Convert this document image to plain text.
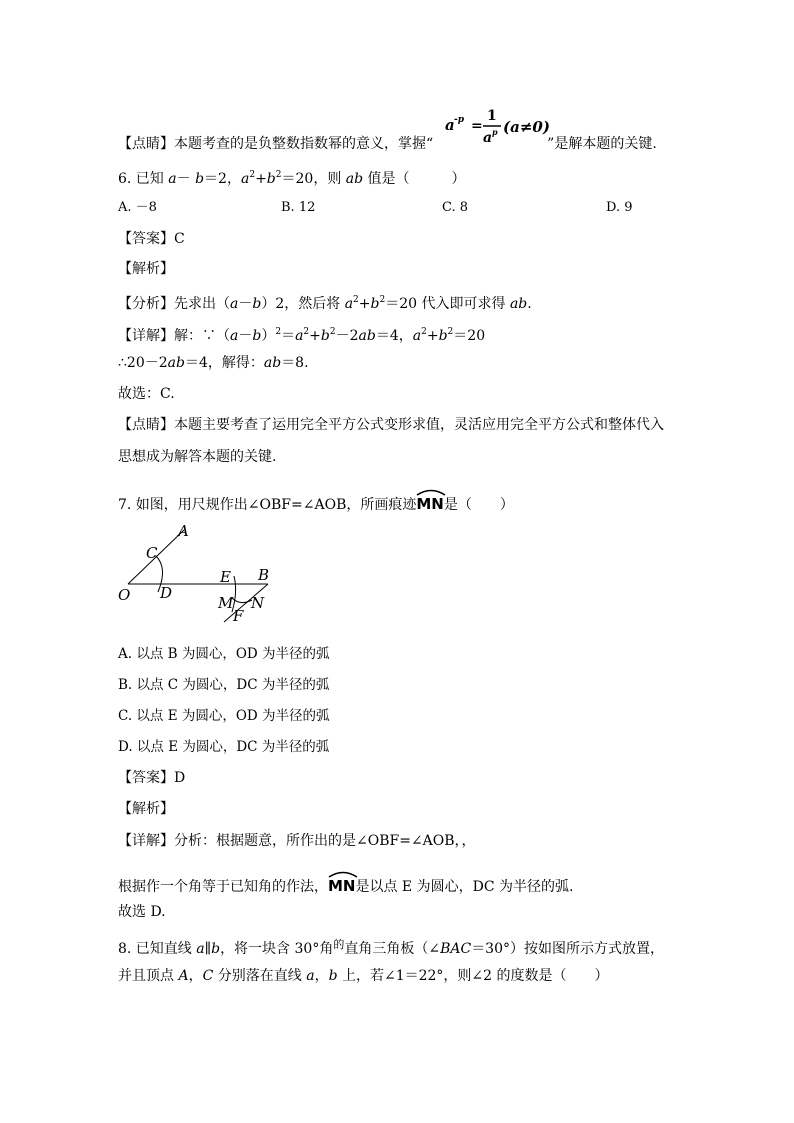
【点睛】本题考查的是负整数指数幂的意义，掌握“	”是解本题的关键.
a -p =
1
a p (a≠0)
6. 已知 a－ b＝2，$a^2+b^2=20$，则 ab 值是（　　　）
A. －8	B. 12	C. 8	D. 9
【答案】C
【解析】
【分析】先求出（a－b）2，然后将 $a^2+b^2=20$ 代入即可求得 ab.
【详解】解：$\because(a-b)^2=a^2+b^2-2ab=4$，$a^2+b^2=20$
∴20－2ab＝4，解得：ab＝8.
故选：C.
【点睛】本题主要考查了运用完全平方公式变形求值，灵活应用完全平方公式和整体代入
思想成为解答本题的关键.
7. 如图，用尺规作出∠OBF=∠AOB，所画痕迹
MN是（　　）
A
C
O D
E B
M N
F
A. 以点 B 为圆心，OD 为半径的弧
B. 以点 C 为圆心，DC 为半径的弧
C. 以点 E 为圆心，OD 为半径的弧
D. 以点 E 为圆心，DC 为半径的弧
【答案】D
【解析】
【详解】分析：根据题意，所作出的是∠OBF=∠AOB，，
根据作一个角等于已知角的作法，
MN是以点 E 为圆心，DC 为半径的弧.
故选 D.
8. 已知直线 a∥b，将一块含 30°角$^的$直角三角板（∠BAC＝30°）按如图所示方式放置，
并且顶点 A，C 分别落在直线 a，b 上，若∠1＝22°，则∠2 的度数是（　　）
